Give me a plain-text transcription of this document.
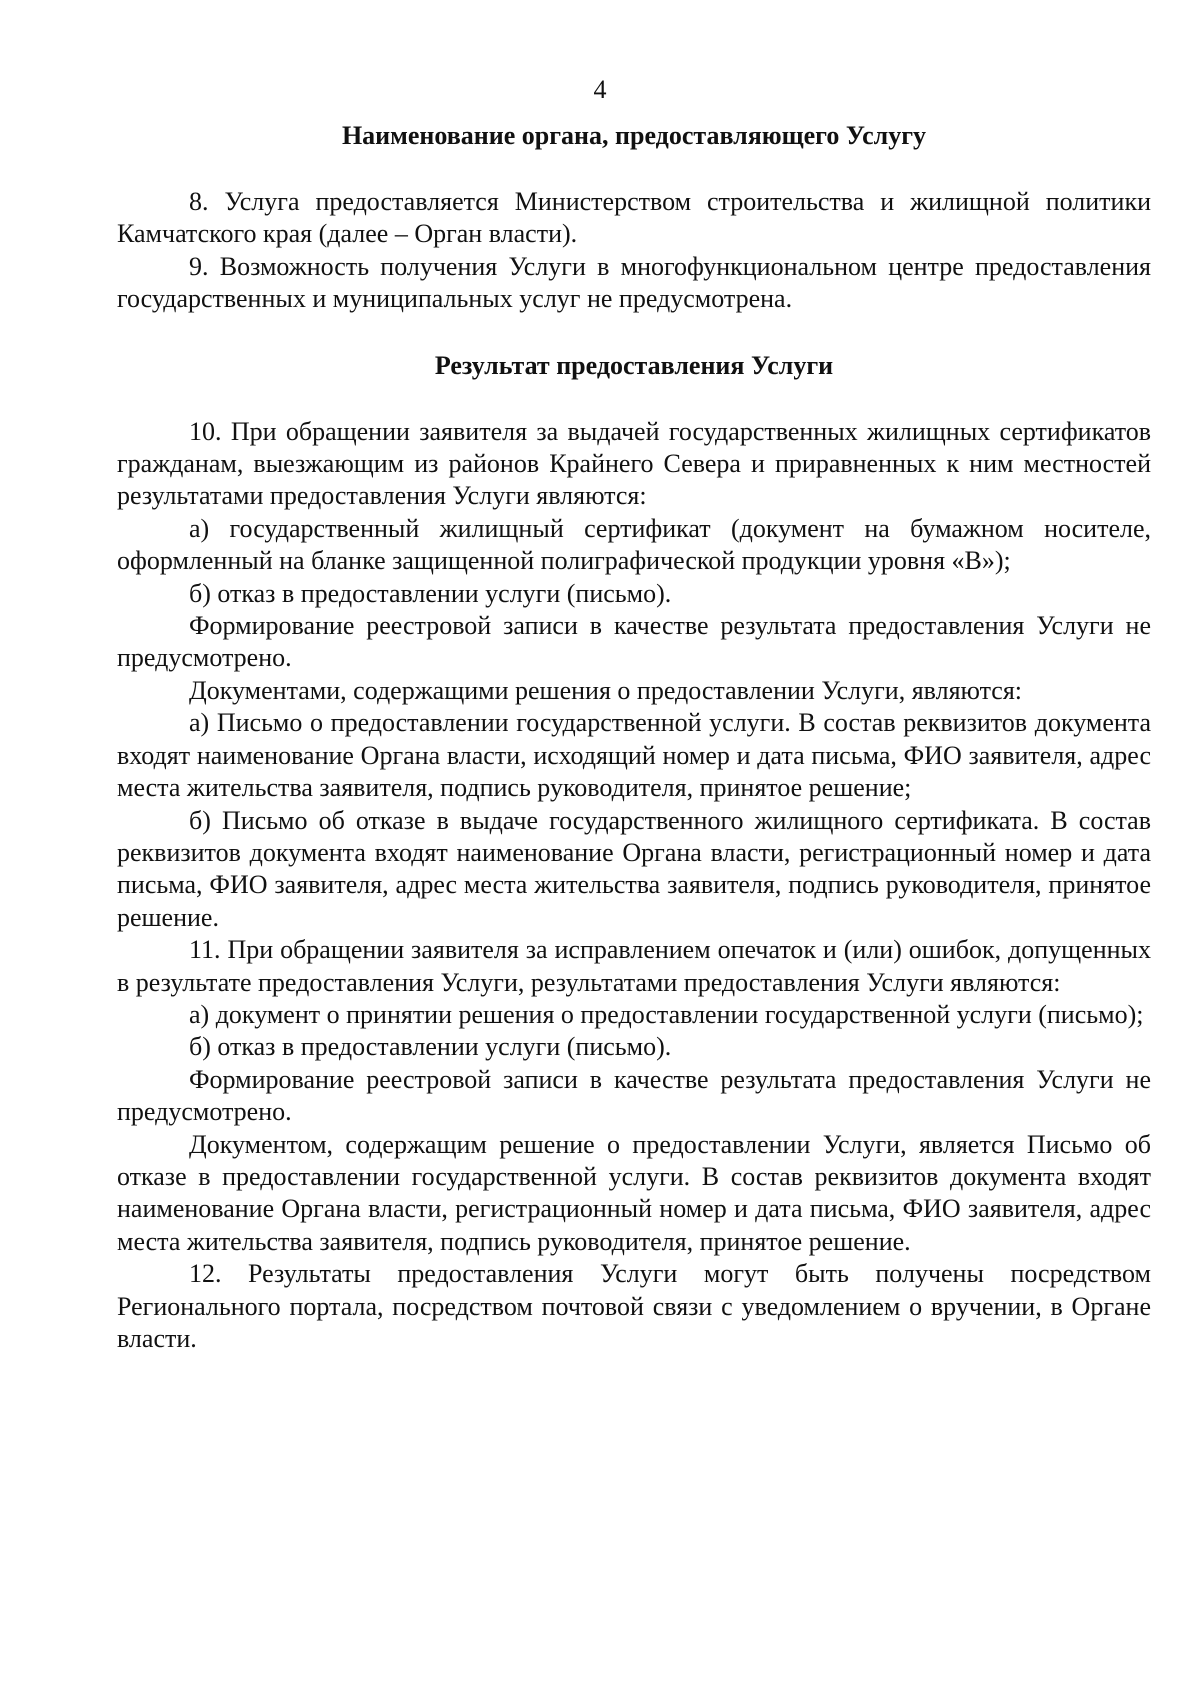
4
Наименование органа, предоставляющего Услугу

8. Услуга предоставляется Министерством строительства и жилищной политики Камчатского края (далее – Орган власти).

9. Возможность получения Услуги в многофункциональном центре предоставления государственных и муниципальных услуг не предусмотрена.

Результат предоставления Услуги

10. При обращении заявителя за выдачей государственных жилищных сертификатов гражданам, выезжающим из районов Крайнего Севера и приравненных к ним местностей результатами предоставления Услуги являются:

а) государственный жилищный сертификат (документ на бумажном носителе, оформленный на бланке защищенной полиграфической продукции уровня «В»);

б) отказ в предоставлении услуги (письмо).

Формирование реестровой записи в качестве результата предоставления Услуги не предусмотрено.

Документами, содержащими решения о предоставлении Услуги, являются:

а) Письмо о предоставлении государственной услуги. В состав реквизитов документа входят наименование Органа власти, исходящий номер и дата письма, ФИО заявителя, адрес места жительства заявителя, подпись руководителя, принятое решение;

б) Письмо об отказе в выдаче государственного жилищного сертификата. В состав реквизитов документа входят наименование Органа власти, регистрационный номер и дата письма, ФИО заявителя, адрес места жительства заявителя, подпись руководителя, принятое решение.

11. При обращении заявителя за исправлением опечаток и (или) ошибок, допущенных в результате предоставления Услуги, результатами предоставления Услуги являются:

а) документ о принятии решения о предоставлении государственной услуги (письмо);

б) отказ в предоставлении услуги (письмо).

Формирование реестровой записи в качестве результата предоставления Услуги не предусмотрено.

Документом, содержащим решение о предоставлении Услуги, является Письмо об отказе в предоставлении государственной услуги. В состав реквизитов документа входят наименование Органа власти, регистрационный номер и дата письма, ФИО заявителя, адрес места жительства заявителя, подпись руководителя, принятое решение.

12. Результаты предоставления Услуги могут быть получены посредством Регионального портала, посредством почтовой связи с уведомлением о вручении, в Органе власти.
